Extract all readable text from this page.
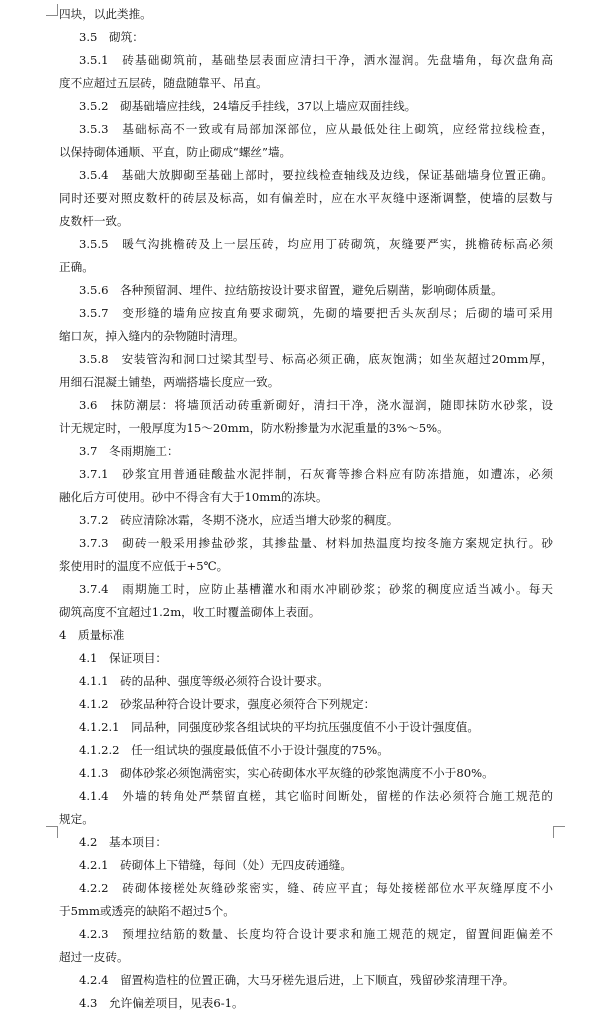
四块，以此类推。
3.5　砌筑：
3.5.1　砖基础砌筑前，基础垫层表面应清扫干净，洒水湿润。先盘墙角，每次盘角高
度不应超过五层砖，随盘随靠平、吊直。
3.5.2　砌基础墙应挂线，24墙反手挂线，37以上墙应双面挂线。
3.5.3　基础标高不一致或有局部加深部位，应从最低处往上砌筑，应经常拉线检查，
以保持砌体通顺、平直，防止砌成“螺丝”墙。
3.5.4　基础大放脚砌至基础上部时，要拉线检查轴线及边线，保证基础墙身位置正确。
同时还要对照皮数杆的砖层及标高，如有偏差时，应在水平灰缝中逐渐调整，使墙的层数与
皮数杆一致。
3.5.5　暖气沟挑檐砖及上一层压砖，均应用丁砖砌筑，灰缝要严实，挑檐砖标高必须
正确。
3.5.6　各种预留洞、埋件、拉结筋按设计要求留置，避免后剔凿，影响砌体质量。
3.5.7　变形缝的墙角应按直角要求砌筑，先砌的墙要把舌头灰刮尽；后砌的墙可采用
缩口灰，掉入缝内的杂物随时清理。
3.5.8　安装管沟和洞口过梁其型号、标高必须正确，底灰饱满；如坐灰超过20mm厚，
用细石混凝土铺垫，两端搭墙长度应一致。
3.6　抹防潮层：将墙顶活动砖重新砌好，清扫干净，浇水湿润，随即抹防水砂浆，设
计无规定时，一般厚度为15～20mm，防水粉掺量为水泥重量的3%～5%。
3.7　冬雨期施工：
3.7.1　砂浆宜用普通硅酸盐水泥拌制，石灰膏等掺合料应有防冻措施，如遭冻，必须
融化后方可使用。砂中不得含有大于10mm的冻块。
3.7.2　砖应清除冰霜，冬期不浇水，应适当增大砂浆的稠度。
3.7.3　砌砖一般采用掺盐砂浆，其掺盐量、材料加热温度均按冬施方案规定执行。砂
浆使用时的温度不应低于+5℃。
3.7.4　雨期施工时，应防止基槽灌水和雨水冲刷砂浆；砂浆的稠度应适当减小。每天
砌筑高度不宜超过1.2m，收工时覆盖砌体上表面。
4　质量标准
4.1　保证项目：
4.1.1　砖的品种、强度等级必须符合设计要求。
4.1.2　砂浆品种符合设计要求，强度必须符合下列规定：
4.1.2.1　同品种，同强度砂浆各组试块的平均抗压强度值不小于设计强度值。
4.1.2.2　任一组试块的强度最低值不小于设计强度的75%。
4.1.3　砌体砂浆必须饱满密实，实心砖砌体水平灰缝的砂浆饱满度不小于80%。
4.1.4　外墙的转角处严禁留直槎，其它临时间断处，留槎的作法必须符合施工规范的
规定。
4.2　基本项目：
4.2.1　砖砌体上下错缝，每间（处）无四皮砖通缝。
4.2.2　砖砌体接槎处灰缝砂浆密实，缝、砖应平直；每处接槎部位水平灰缝厚度不小
于5mm或透亮的缺陷不超过5个。
4.2.3　预埋拉结筋的数量、长度均符合设计要求和施工规范的规定，留置间距偏差不
超过一皮砖。
4.2.4　留置构造柱的位置正确，大马牙槎先退后进，上下顺直，残留砂浆清理干净。
4.3　允许偏差项目，见表6-1。
